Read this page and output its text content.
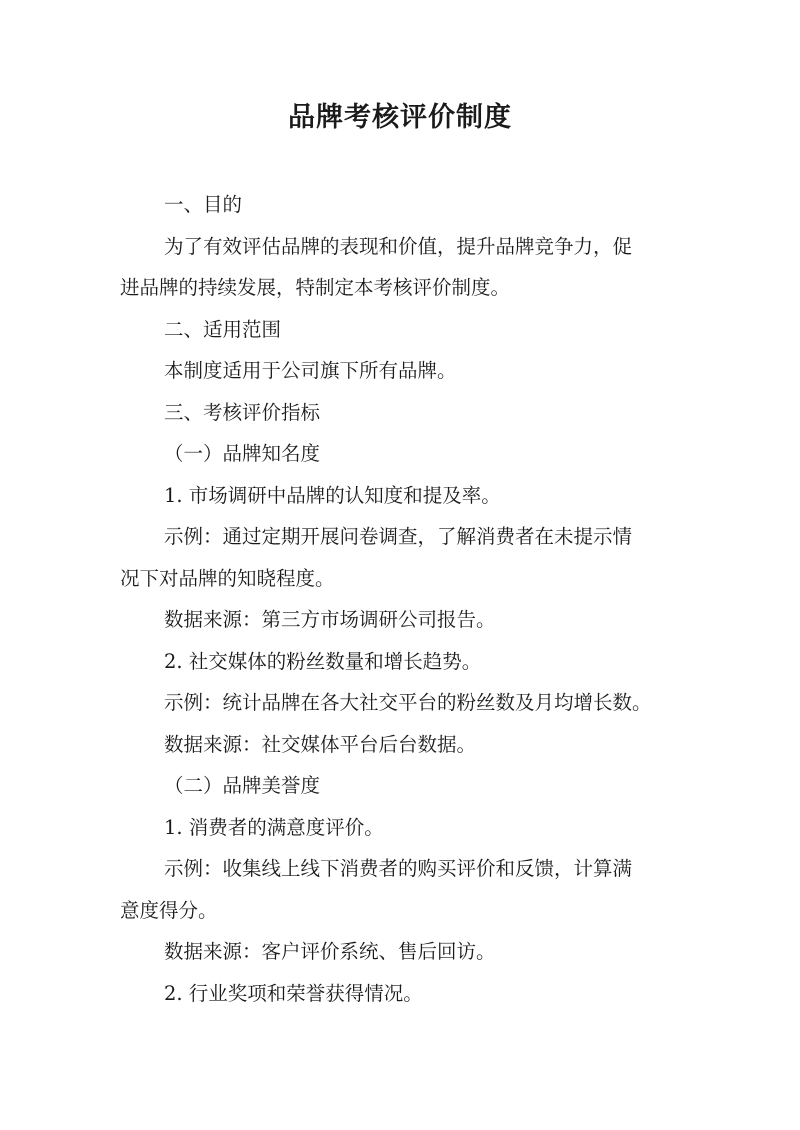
品牌考核评价制度
一、目的
为了有效评估品牌的表现和价值，提升品牌竞争力，促
进品牌的持续发展，特制定本考核评价制度。
二、适用范围
本制度适用于公司旗下所有品牌。
三、考核评价指标
（一）品牌知名度
1. 市场调研中品牌的认知度和提及率。
示例：通过定期开展问卷调查，了解消费者在未提示情
况下对品牌的知晓程度。
数据来源：第三方市场调研公司报告。
2. 社交媒体的粉丝数量和增长趋势。
示例：统计品牌在各大社交平台的粉丝数及月均增长数。
数据来源：社交媒体平台后台数据。
（二）品牌美誉度
1. 消费者的满意度评价。
示例：收集线上线下消费者的购买评价和反馈，计算满
意度得分。
数据来源：客户评价系统、售后回访。
2. 行业奖项和荣誉获得情况。
